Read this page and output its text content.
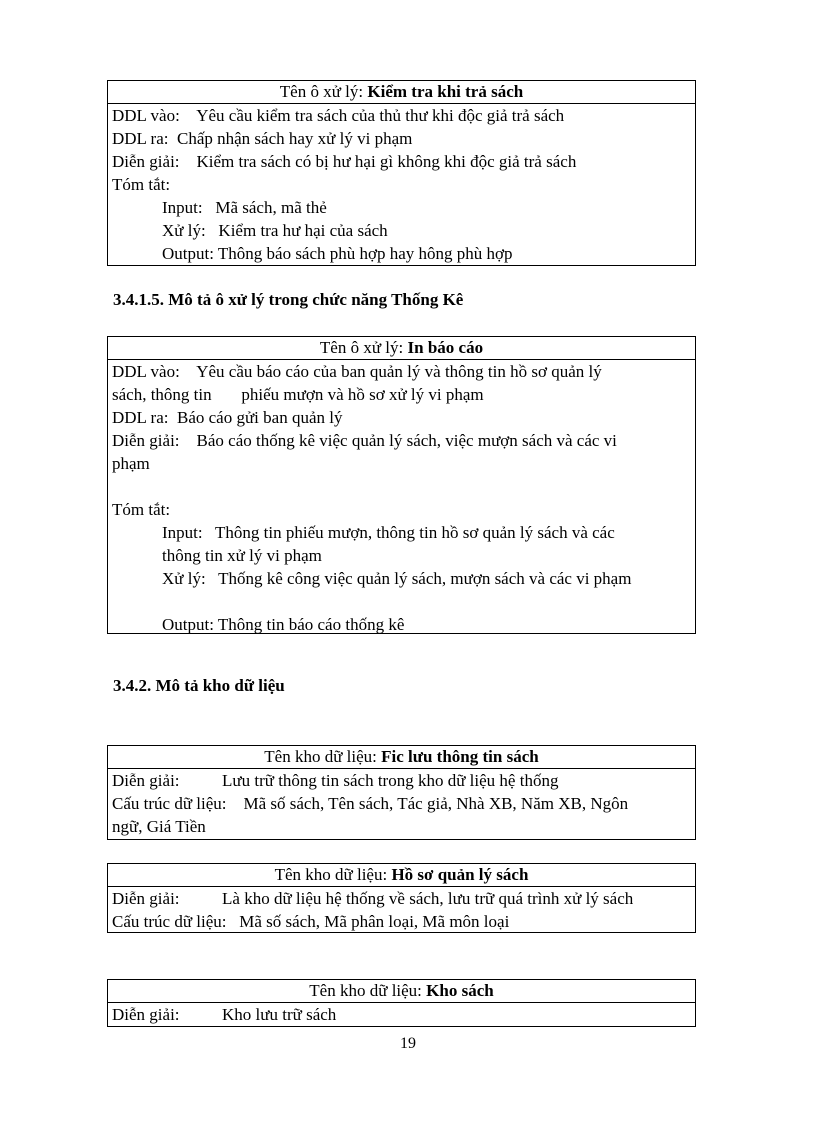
Tên ô xử lý: Kiểm tra khi trả sách
DDL vào:    Yêu cầu kiểm tra sách của thủ thư khi độc giả trả sách
DDL ra:  Chấp nhận sách hay xử lý vi phạm
Diễn giải:    Kiểm tra sách có bị hư hại gì không khi độc giả trả sách
Tóm tắt:
Input:   Mã sách, mã thẻ
Xử lý:   Kiểm tra hư hại của sách
Output: Thông báo sách phù hợp hay hông phù hợp
3.4.1.5. Mô tả ô xử lý trong chức năng Thống Kê
Tên ô xử lý: In báo cáo
DDL vào:    Yêu cầu báo cáo của ban quản lý và thông tin hồ sơ quản lý
sách, thông tin       phiếu mượn và hồ sơ xử lý vi phạm
DDL ra:  Báo cáo gửi ban quản lý
Diễn giải:    Báo cáo thống kê việc quản lý sách, việc mượn sách và các vi
phạm
Tóm tắt:
Input:   Thông tin phiếu mượn, thông tin hồ sơ quản lý sách và các
thông tin xử lý vi phạm
Xử lý:   Thống kê công việc quản lý sách, mượn sách và các vi phạm
Output: Thông tin báo cáo thống kê
3.4.2. Mô tả kho dữ liệu
Tên kho dữ liệu: Fic lưu thông tin sách
Diễn giải:          Lưu trữ thông tin sách trong kho dữ liệu hệ thống
Cấu trúc dữ liệu:    Mã số sách, Tên sách, Tác giả, Nhà XB, Năm XB, Ngôn
ngữ, Giá Tiền
Tên kho dữ liệu: Hồ sơ quản lý sách
Diễn giải:          Là kho dữ liệu hệ thống về sách, lưu trữ quá trình xử lý sách
Cấu trúc dữ liệu:   Mã số sách, Mã phân loại, Mã môn loại
Tên kho dữ liệu: Kho sách
Diễn giải:          Kho lưu trữ sách
19
